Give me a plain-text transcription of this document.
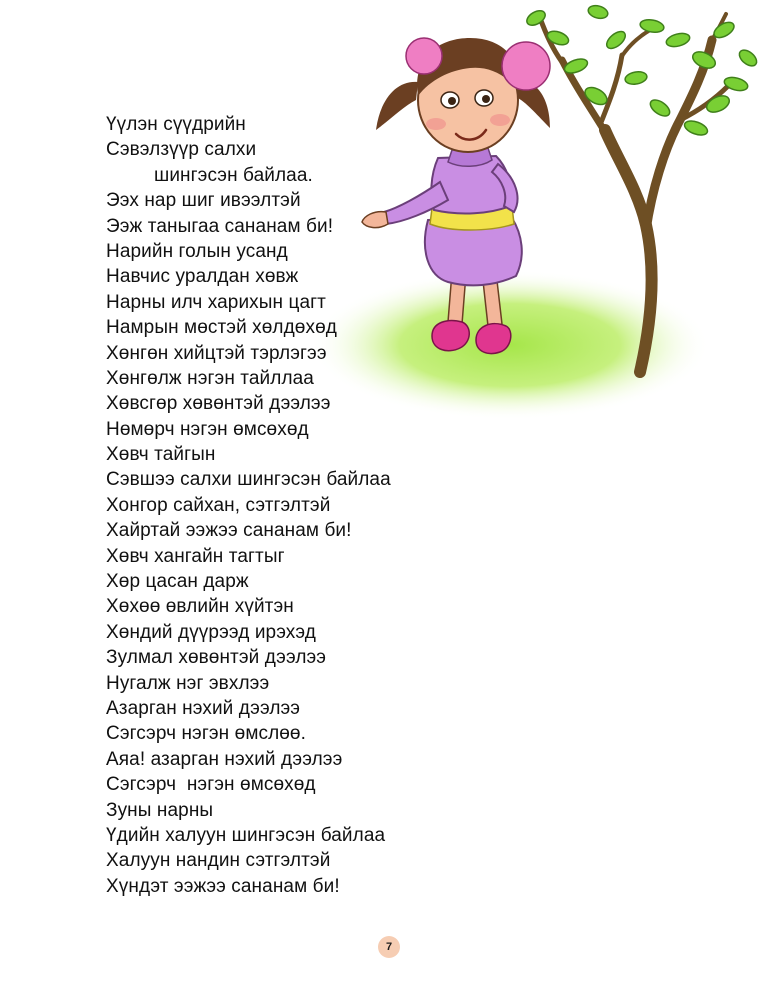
Үүлэн сүүдрийн
Сэвэлзүүр салхи
шингэсэн байлаа.
Ээх нар шиг ивээлтэй
Ээж таныгаа сананам би!
Нарийн голын усанд
Навчис уралдан хөвж
Нарны илч харихын цагт
Намрын мөстэй хөлдөхөд
Хөнгөн хийцтэй тэрлэгээ
Хөнгөлж нэгэн тайллаа
Хөвсгөр хөвөнтэй дээлээ
Нөмөрч нэгэн өмсөхөд
Хөвч тайгын
Сэвшээ салхи шингэсэн байлаа
Хонгор сайхан, сэтгэлтэй
Хайртай ээжээ сананам би!
Хөвч хангайн тагтыг
Хөр цасан дарж
Хөхөө өвлийн хүйтэн
Хөндий дүүрээд ирэхэд
Зулмал хөвөнтэй дээлээ
Нугалж нэг эвхлээ
Азарган нэхий дээлээ
Сэгсэрч нэгэн өмслөө.
Аяа! азарган нэхий дээлээ
Сэгсэрч  нэгэн өмсөхөд
Зуны нарны
Үдийн халуун шингэсэн байлаа
Халуун нандин сэтгэлтэй
Хүндэт ээжээ сананам би!
7
